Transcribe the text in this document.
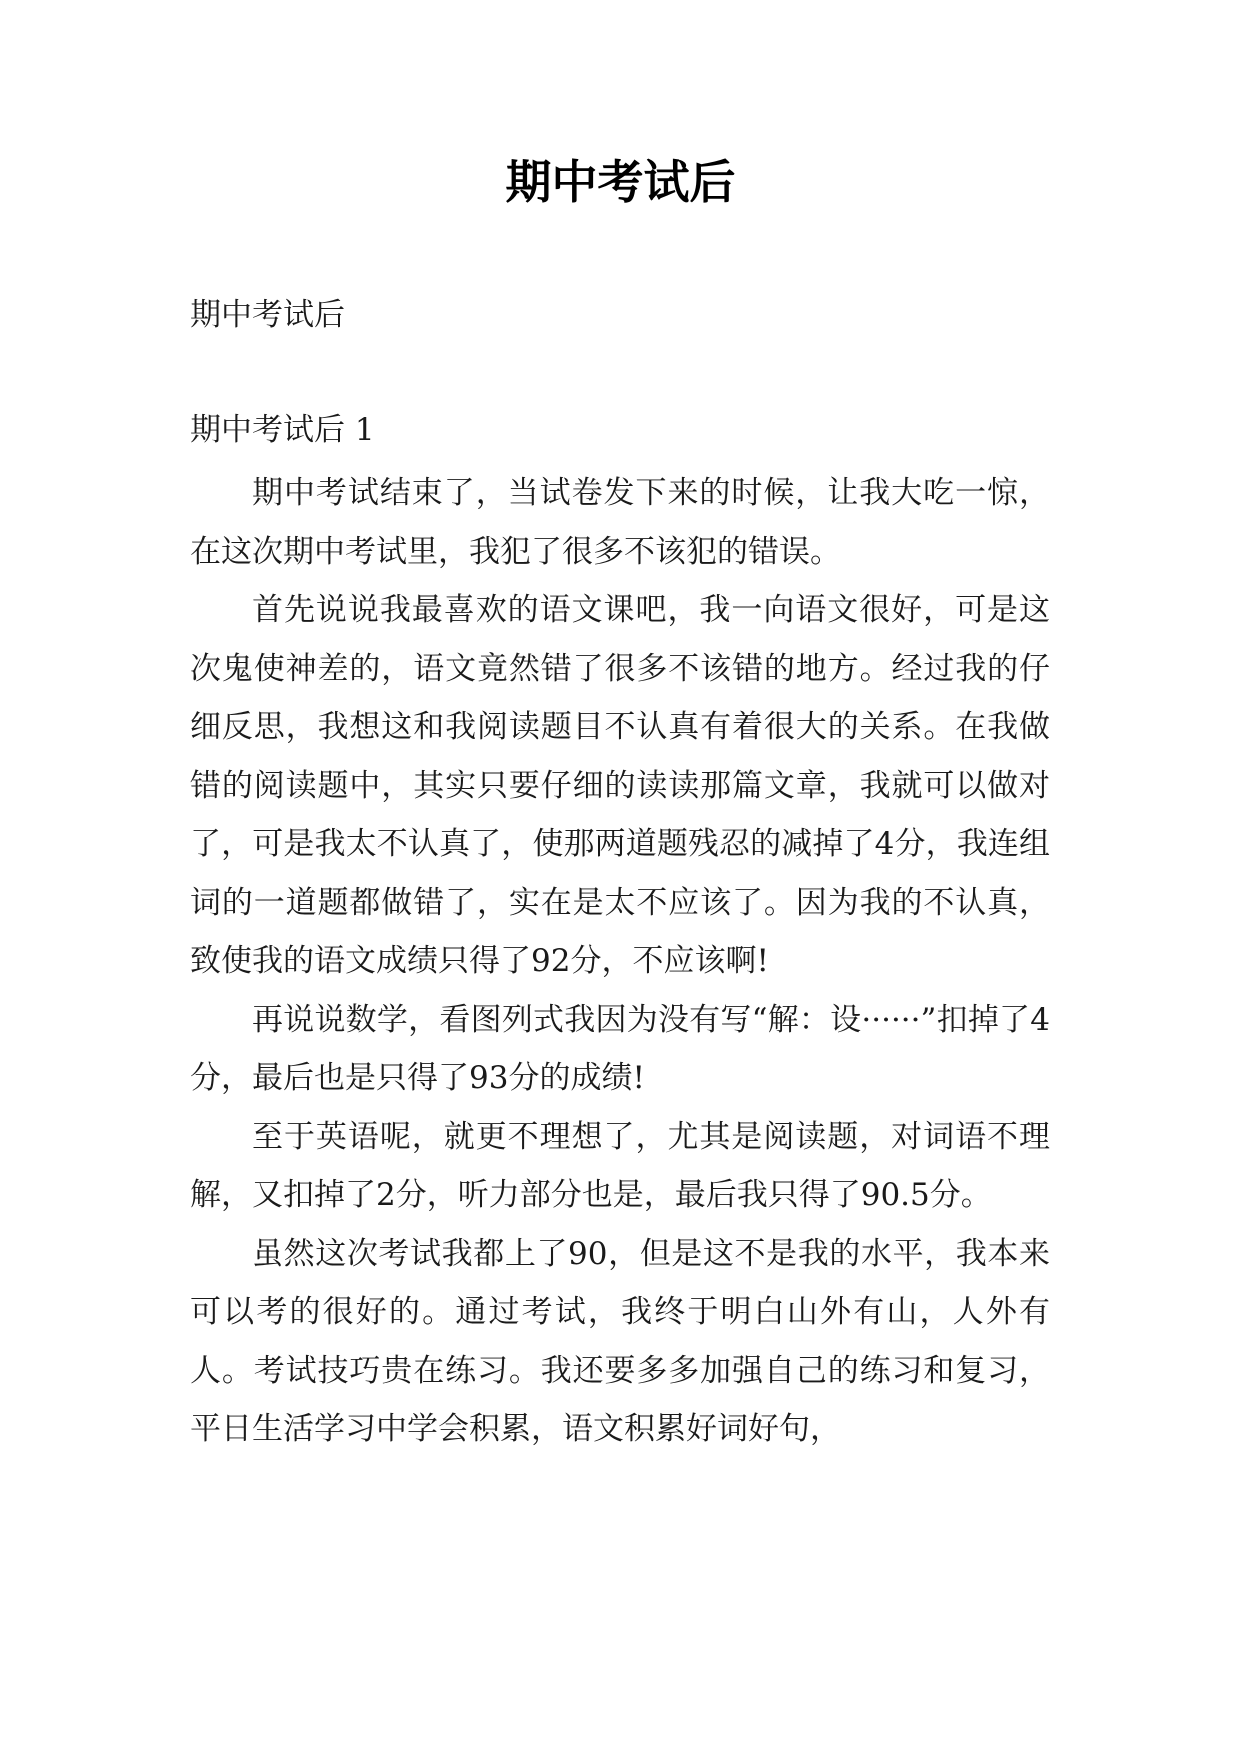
期中考试后

期中考试后

期中考试后 1

期中考试结束了，当试卷发下来的时候，让我大吃一惊，在这次期中考试里，我犯了很多不该犯的错误。

首先说说我最喜欢的语文课吧，我一向语文很好，可是这次鬼使神差的，语文竟然错了很多不该错的地方。经过我的仔细反思，我想这和我阅读题目不认真有着很大的关系。在我做错的阅读题中，其实只要仔细的读读那篇文章，我就可以做对了，可是我太不认真了，使那两道题残忍的减掉了4分，我连组词的一道题都做错了，实在是太不应该了。因为我的不认真，致使我的语文成绩只得了92分，不应该啊!

再说说数学，看图列式我因为没有写“解：设······”扣掉了4分，最后也是只得了93分的成绩!

至于英语呢，就更不理想了，尤其是阅读题，对词语不理解，又扣掉了2分，听力部分也是，最后我只得了90.5分。

虽然这次考试我都上了90，但是这不是我的水平，我本来可以考的很好的。通过考试，我终于明白山外有山，人外有人。考试技巧贵在练习。我还要多多加强自己的练习和复习，平日生活学习中学会积累，语文积累好词好句，
